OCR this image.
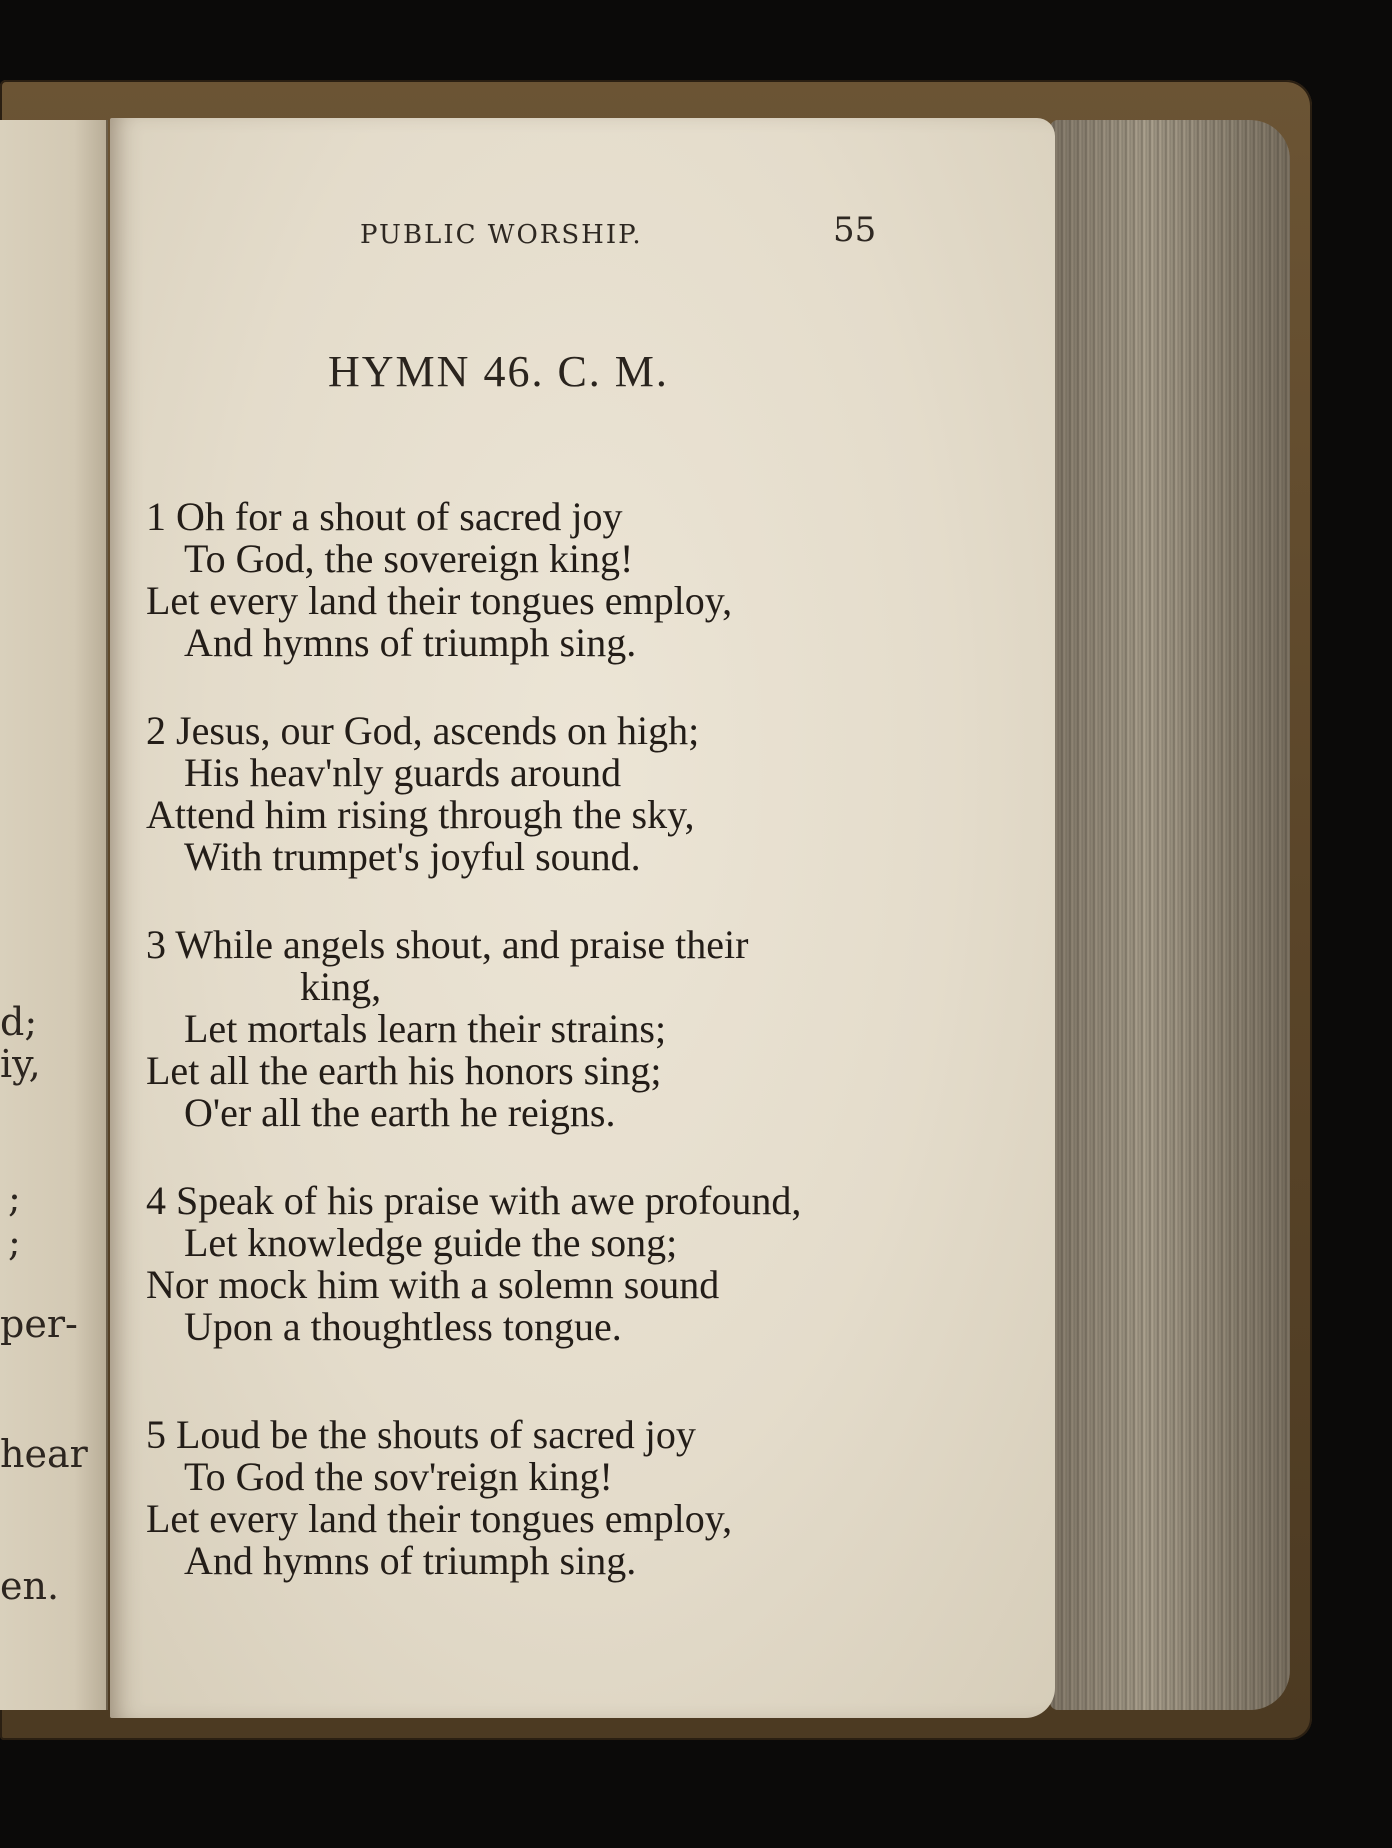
d;
iy,
;
;
per-
hear
en.
PUBLIC WORSHIP.	55
HYMN 46. C. M.
1 Oh for a shout of sacred joy
To God, the sovereign king!
Let every land their tongues employ,
And hymns of triumph sing.
2 Jesus, our God, ascends on high;
His heav'nly guards around
Attend him rising through the sky,
With trumpet's joyful sound.
3 While angels shout, and praise their
king,
Let mortals learn their strains;
Let all the earth his honors sing;
O'er all the earth he reigns.
4 Speak of his praise with awe profound,
Let knowledge guide the song;
Nor mock him with a solemn sound
Upon a thoughtless tongue.
5 Loud be the shouts of sacred joy
To God the sov'reign king!
Let every land their tongues employ,
And hymns of triumph sing.
